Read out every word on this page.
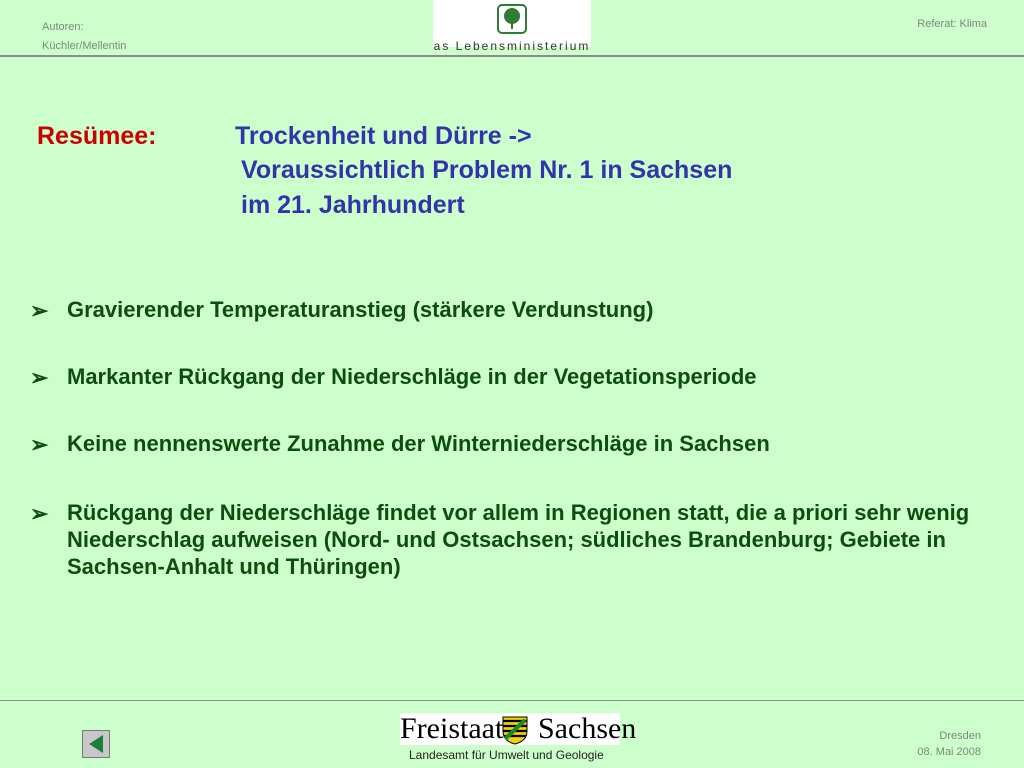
Autoren:
Küchler/Mellentin	as Lebensministerium
Referat: Klima
Resümee:	Trockenheit und Dürre ->
Voraussichtlich Problem Nr. 1 in Sachsen
im 21. Jahrhundert
➢ Gravierender Temperaturanstieg (stärkere Verdunstung)
➢ Markanter Rückgang der Niederschläge in der Vegetationsperiode
➢ Keine nennenswerte Zunahme der Winterniederschläge in Sachsen
➢ Rückgang der Niederschläge findet vor allem in Regionen statt, die a priori sehr wenig Niederschlag aufweisen (Nord- und Ostsachsen; südliches Brandenburg; Gebiete in Sachsen-Anhalt und Thüringen)
Freistaat Sachsen
Landesamt für Umwelt und Geologie
Dresden
08. Mai 2008
